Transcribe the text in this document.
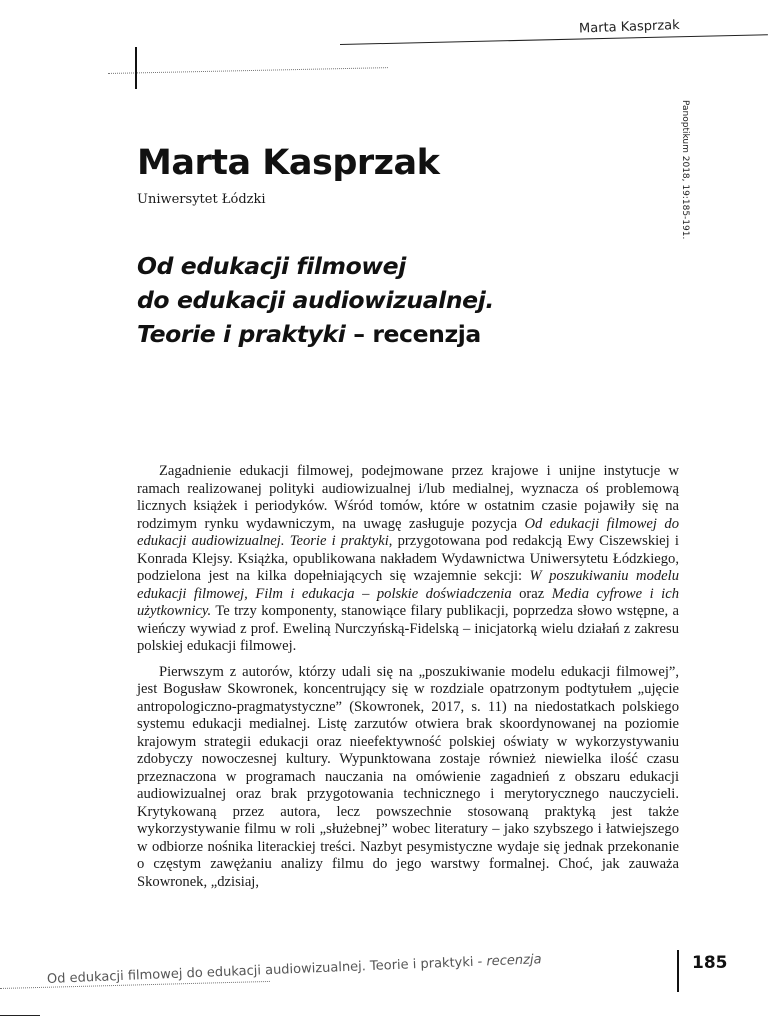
Marta Kasprzak
Panoptikum 2018, 19:185-191.
Marta Kasprzak
Uniwersytet Łódzki
Od edukacji filmowej
do edukacji audiowizualnej.
Teorie i praktyki – recenzja

Zagadnienie edukacji filmowej, podejmowane przez krajowe i unijne instytucje w ramach realizowanej polityki audiowizualnej i/lub medialnej, wyznacza oś problemową licznych książek i periodyków. Wśród tomów, które w ostatnim czasie pojawiły się na rodzimym rynku wydawniczym, na uwagę zasługuje pozycja Od edukacji filmowej do edukacji audiowizualnej. Teorie i praktyki, przygotowana pod redakcją Ewy Ciszewskiej i Konrada Klejsy. Książka, opublikowana nakładem Wydawnictwa Uniwersytetu Łódzkiego, podzielona jest na kilka dopełniających się wzajemnie sekcji: W poszukiwaniu modelu edukacji filmowej, Film i edukacja – polskie doświadczenia oraz Media cyfrowe i ich użytkownicy. Te trzy komponenty, stanowiące filary publikacji, poprzedza słowo wstępne, a wieńczy wywiad z prof. Eweliną Nurczyńską-Fidelską – inicjatorką wielu działań z zakresu polskiej edukacji filmowej.

Pierwszym z autorów, którzy udali się na „poszukiwanie modelu edukacji filmowej”, jest Bogusław Skowronek, koncentrujący się w rozdziale opatrzonym podtytułem „ujęcie antropologiczno-pragmatystyczne” (Skowronek, 2017, s. 11) na niedostatkach polskiego systemu edukacji medialnej. Listę zarzutów otwiera brak skoordynowanej na poziomie krajowym strategii edukacji oraz nieefektywność polskiej oświaty w wykorzystywaniu zdobyczy nowoczesnej kultury. Wypunktowana zostaje również niewielka ilość czasu przeznaczona w programach nauczania na omówienie zagadnień z obszaru edukacji audiowizualnej oraz brak przygotowania technicznego i merytorycznego nauczycieli. Krytykowaną przez autora, lecz powszechnie stosowaną praktyką jest także wykorzystywanie filmu w roli „służebnej” wobec literatury – jako szybszego i łatwiejszego w odbiorze nośnika literackiej treści. Nazbyt pesymistyczne wydaje się jednak przekonanie o częstym zawężaniu analizy filmu do jego warstwy formalnej. Choć, jak zauważa Skowronek, „dzisiaj,

185
Od edukacji filmowej do edukacji audiowizualnej. Teorie i praktyki - recenzja
